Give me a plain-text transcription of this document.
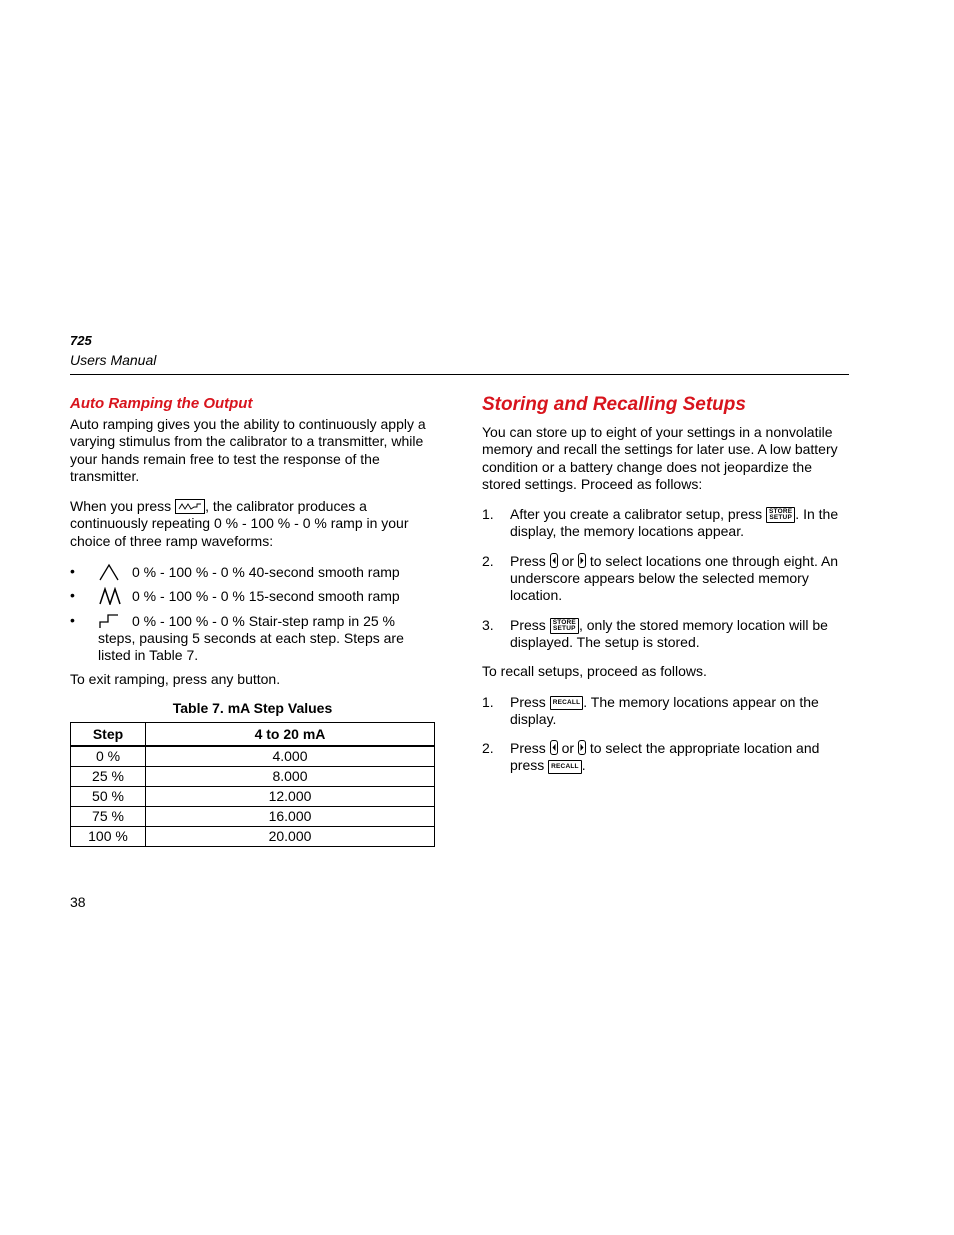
725
Users Manual
Auto Ramping the Output

Auto ramping gives you the ability to continuously apply a varying stimulus from the calibrator to a transmitter, while your hands remain free to test the response of the transmitter.

When you press , the calibrator produces a continuously repeating 0 % - 100 % - 0 % ramp in your choice of three ramp waveforms:

•	0 % - 100 % - 0 % 40-second smooth ramp
•	0 % - 100 % - 0 % 15-second smooth ramp
•	0 % - 100 % - 0 % Stair-step ramp in 25 % steps, pausing 5 seconds at each step. Steps are listed in Table 7.

To exit ramping, press any button.

Table 7. mA Step Values
Step	4 to 20 mA
0 %	4.000
25 %	8.000
50 %	12.000
75 %	16.000
100 %	20.000
Storing and Recalling Setups

You can store up to eight of your settings in a nonvolatile memory and recall the settings for later use. A low battery condition or a battery change does not jeopardize the stored settings. Proceed as follows:

1. After you create a calibrator setup, press STORE
SETUP . In the display, the memory locations appear.
2. Press or to select locations one through eight. An underscore appears below the selected memory location.
3. Press STORE
SETUP , only the stored memory location will be displayed. The setup is stored.

To recall setups, proceed as follows.

1. Press RECALL . The memory locations appear on the display.
2. Press or to select the appropriate location and press RECALL .
38
